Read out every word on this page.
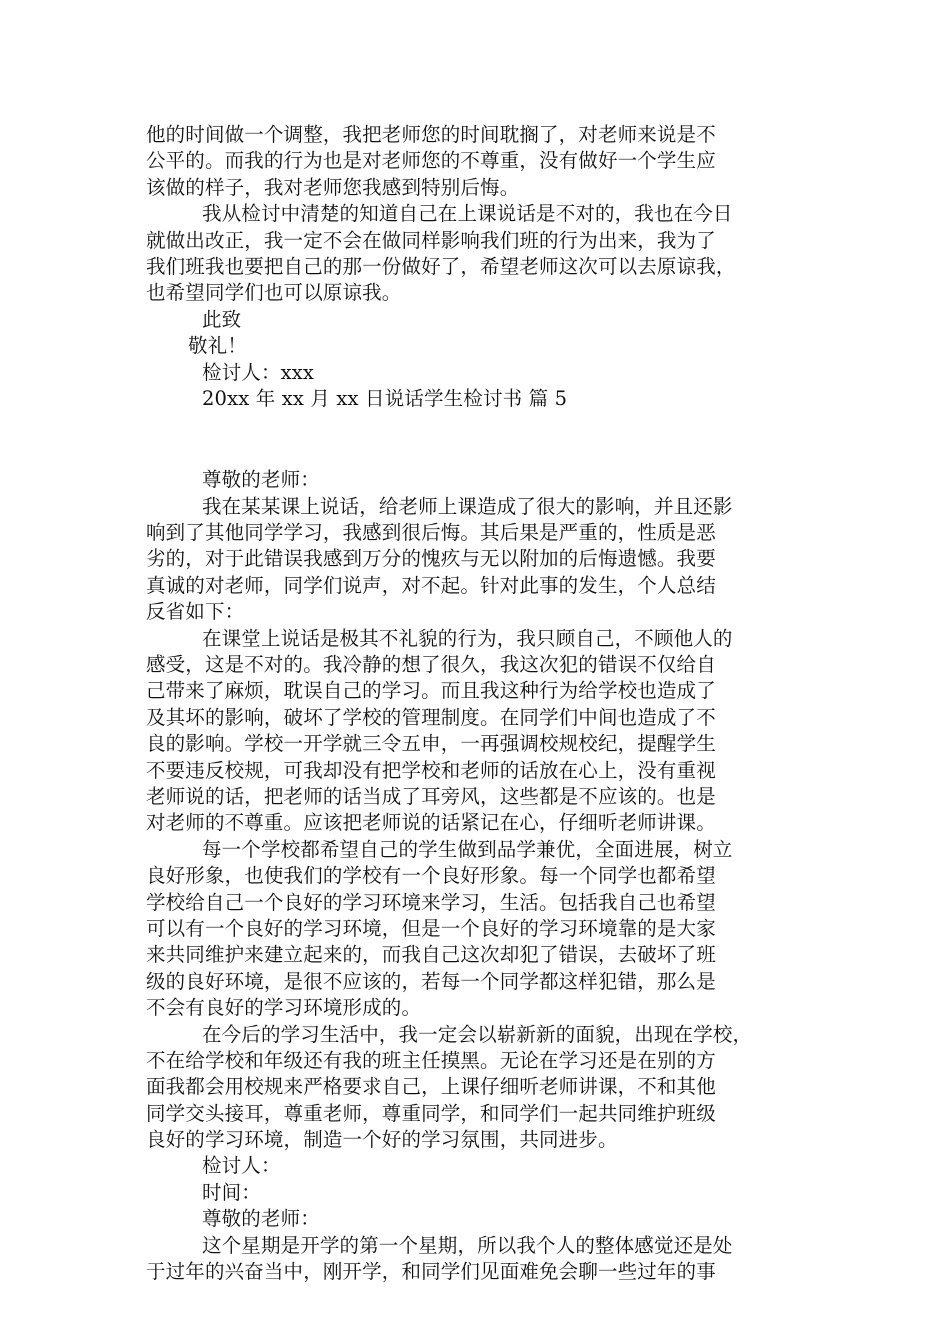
他的时间做一个调整，我把老师您的时间耽搁了，对老师来说是不
公平的。而我的行为也是对老师您的不尊重，没有做好一个学生应
该做的样子，我对老师您我感到特别后悔。
我从检讨中清楚的知道自己在上课说话是不对的，我也在今日
就做出改正，我一定不会在做同样影响我们班的行为出来，我为了
我们班我也要把自己的那一份做好了，希望老师这次可以去原谅我，
也希望同学们也可以原谅我。
此致
敬礼！
检讨人：xxx
20xx 年 xx 月 xx 日说话学生检讨书 篇 5
尊敬的老师：
我在某某课上说话，给老师上课造成了很大的影响，并且还影
响到了其他同学学习，我感到很后悔。其后果是严重的，性质是恶
劣的，对于此错误我感到万分的愧疚与无以附加的后悔遗憾。我要
真诚的对老师，同学们说声，对不起。针对此事的发生，个人总结
反省如下：
在课堂上说话是极其不礼貌的行为，我只顾自己，不顾他人的
感受，这是不对的。我冷静的想了很久，我这次犯的错误不仅给自
己带来了麻烦，耽误自己的学习。而且我这种行为给学校也造成了
及其坏的影响，破坏了学校的管理制度。在同学们中间也造成了不
良的影响。学校一开学就三令五申，一再强调校规校纪，提醒学生
不要违反校规，可我却没有把学校和老师的话放在心上，没有重视
老师说的话，把老师的话当成了耳旁风，这些都是不应该的。也是
对老师的不尊重。应该把老师说的话紧记在心，仔细听老师讲课。
每一个学校都希望自己的学生做到品学兼优，全面进展，树立
良好形象，也使我们的学校有一个良好形象。每一个同学也都希望
学校给自己一个良好的学习环境来学习，生活。包括我自己也希望
可以有一个良好的学习环境，但是一个良好的学习环境靠的是大家
来共同维护来建立起来的，而我自己这次却犯了错误，去破坏了班
级的良好环境，是很不应该的，若每一个同学都这样犯错，那么是
不会有良好的学习环境形成的。
在今后的学习生活中，我一定会以崭新新的面貌，出现在学校，
不在给学校和年级还有我的班主任摸黑。无论在学习还是在别的方
面我都会用校规来严格要求自己，上课仔细听老师讲课，不和其他
同学交头接耳，尊重老师，尊重同学，和同学们一起共同维护班级
良好的学习环境，制造一个好的学习氛围，共同进步。
检讨人：
时间：
尊敬的老师：
这个星期是开学的第一个星期，所以我个人的整体感觉还是处
于过年的兴奋当中，刚开学，和同学们见面难免会聊一些过年的事
